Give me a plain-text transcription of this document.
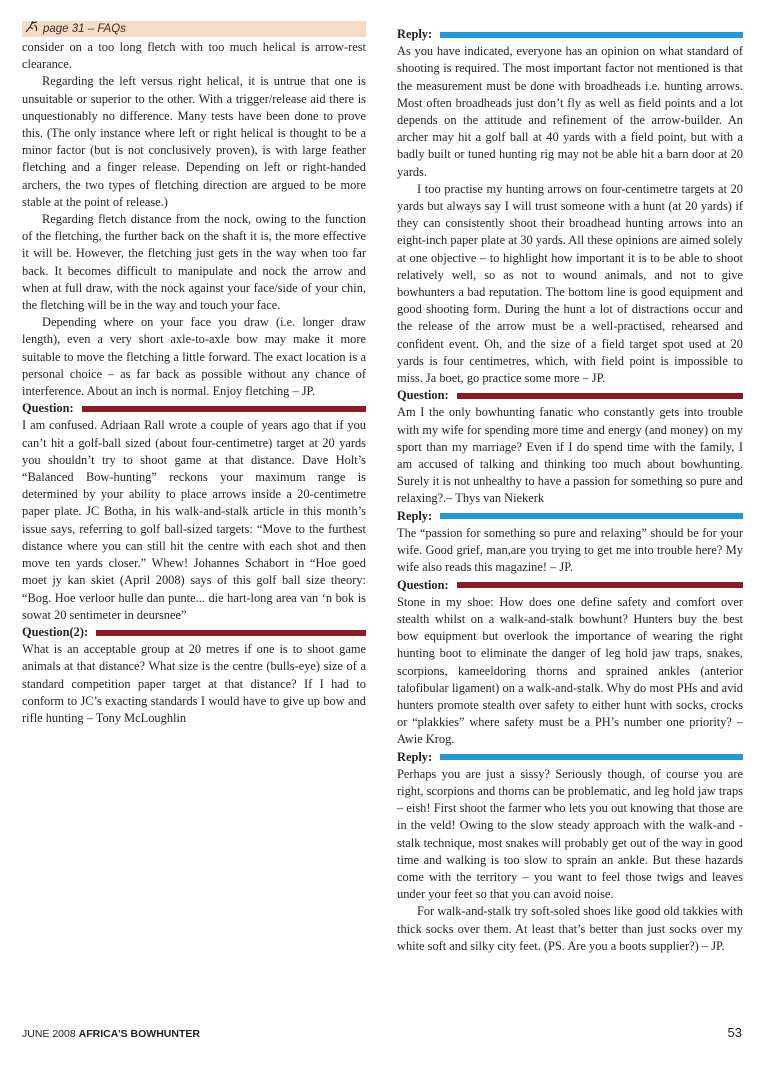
page 31 – FAQs

consider on a too long fletch with too much helical is arrow-rest clearance.

Regarding the left versus right helical, it is untrue that one is unsuitable or superior to the other. With a trigger/release aid there is unquestionably no difference. Many tests have been done to prove this. (The only instance where left or right helical is thought to be a minor factor (but is not conclusively proven), is with large feather fletching and a finger release. Depending on left or right-handed archers, the two types of fletching direction are argued to be more stable at the point of release.)

Regarding fletch distance from the nock, owing to the function of the fletching, the further back on the shaft it is, the more effective it will be. However, the fletching just gets in the way when too far back. It becomes difficult to manipulate and nock the arrow and when at full draw, with the nock against your face/side of your chin, the fletching will be in the way and touch your face.

Depending where on your face you draw (i.e. longer draw length), even a very short axle-to-axle bow may make it more suitable to move the fletching a little forward. The exact location is a personal choice – as far back as possible without any chance of interference. About an inch is normal. Enjoy fletching – JP.

Question:

I am confused. Adriaan Rall wrote a couple of years ago that if you can’t hit a golf-ball sized (about four-centimetre) target at 20 yards you shouldn’t try to shoot game at that distance. Dave Holt’s “Balanced Bow-hunting” reckons your maximum range is determined by your ability to place arrows inside a 20-centimetre paper plate. JC Botha, in his walk-and-stalk article in this month’s issue says, referring to golf ball-sized targets: “Move to the furthest distance where you can still hit the centre with each shot and then move ten yards closer.” Whew! Johannes Schabort in “Hoe goed moet jy kan skiet (April 2008) says of this golf ball size theory: “Bog. Hoe verloor hulle dan punte... die hart-long area van ‘n bok is sowat 20 sentimeter in deursnee”

Question(2):

What is an acceptable group at 20 metres if one is to shoot game animals at that distance? What size is the centre (bulls-eye) size of a standard competition paper target at that distance? If I had to conform to JC’s exacting standards I would have to give up bow and rifle hunting – Tony McLoughlin

Reply:

As you have indicated, everyone has an opinion on what standard of shooting is required. The most important factor not mentioned is that the measurement must be done with broadheads i.e. hunting arrows. Most often broadheads just don’t fly as well as field points and a lot depends on the attitude and refinement of the arrow-builder. An archer may hit a golf ball at 40 yards with a field point, but with a badly built or tuned hunting rig may not be able hit a barn door at 20 yards.

I too practise my hunting arrows on four-centimetre targets at 20 yards but always say I will trust someone with a hunt (at 20 yards) if they can consistently shoot their broadhead hunting arrows into an eight-inch paper plate at 30 yards. All these opinions are aimed solely at one objective – to highlight how important it is to be able to shoot relatively well, so as not to wound animals, and not to give bowhunters a bad reputation. The bottom line is good equipment and good shooting form. During the hunt a lot of distractions occur and the release of the arrow must be a well-practised, rehearsed and confident event. Oh, and the size of a field target spot used at 20 yards is four centimetres, which, with field point is impossible to miss. Ja boet, go practice some more – JP.

Question:

Am I the only bowhunting fanatic who constantly gets into trouble with my wife for spending more time and energy (and money) on my sport than my marriage? Even if I do spend time with the family, I am accused of talking and thinking too much about bowhunting. Surely it is not unhealthy to have a passion for something so pure and relaxing?.– Thys van Niekerk

Reply:

The “passion for something so pure and relaxing” should be for your wife. Good grief, man,are you trying to get me into trouble here? My wife also reads this magazine! – JP.

Question:

Stone in my shoe: How does one define safety and comfort over stealth whilst on a walk-and-stalk bowhunt? Hunters buy the best bow equipment but overlook the importance of wearing the right hunting boot to eliminate the danger of leg hold jaw traps, snakes, scorpions, kameeldoring thorns and sprained ankles (anterior talofibular ligament) on a walk-and-stalk. Why do most PHs and avid hunters promote stealth over safety to either hunt with socks, crocks or “plakkies” where safety must be a PH’s number one priority? – Awie Krog.

Reply:

Perhaps you are just a sissy? Seriously though, of course you are right, scorpions and thorns can be problematic, and leg hold jaw traps – eish! First shoot the farmer who lets you out knowing that those are in the veld! Owing to the slow steady approach with the walk-and -stalk technique, most snakes will probably get out of the way in good time and walking is too slow to sprain an ankle. But these hazards come with the territory – you want to feel those twigs and leaves under your feet so that you can avoid noise.

For walk-and-stalk try soft-soled shoes like good old takkies with thick socks over them. At least that’s better than just socks over my white soft and silky city feet. (PS. Are you a boots supplier?) – JP.

JUNE 2008 AFRICA’S BOWHUNTER	53
